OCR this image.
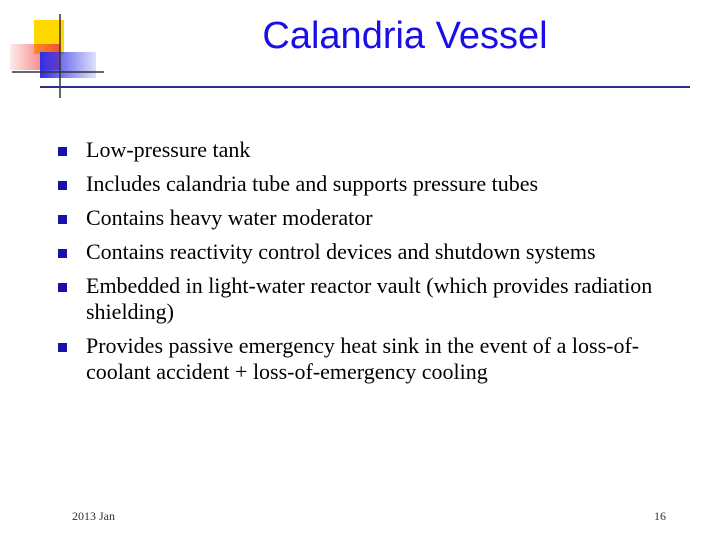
Calandria Vessel
Low-pressure tank
Includes calandria tube and supports pressure tubes
Contains heavy water moderator
Contains reactivity control devices and shutdown systems
Embedded in light-water reactor vault (which provides radiation shielding)
Provides passive emergency heat sink in the event of a loss-of-coolant accident + loss-of-emergency cooling
2013 Jan	16
